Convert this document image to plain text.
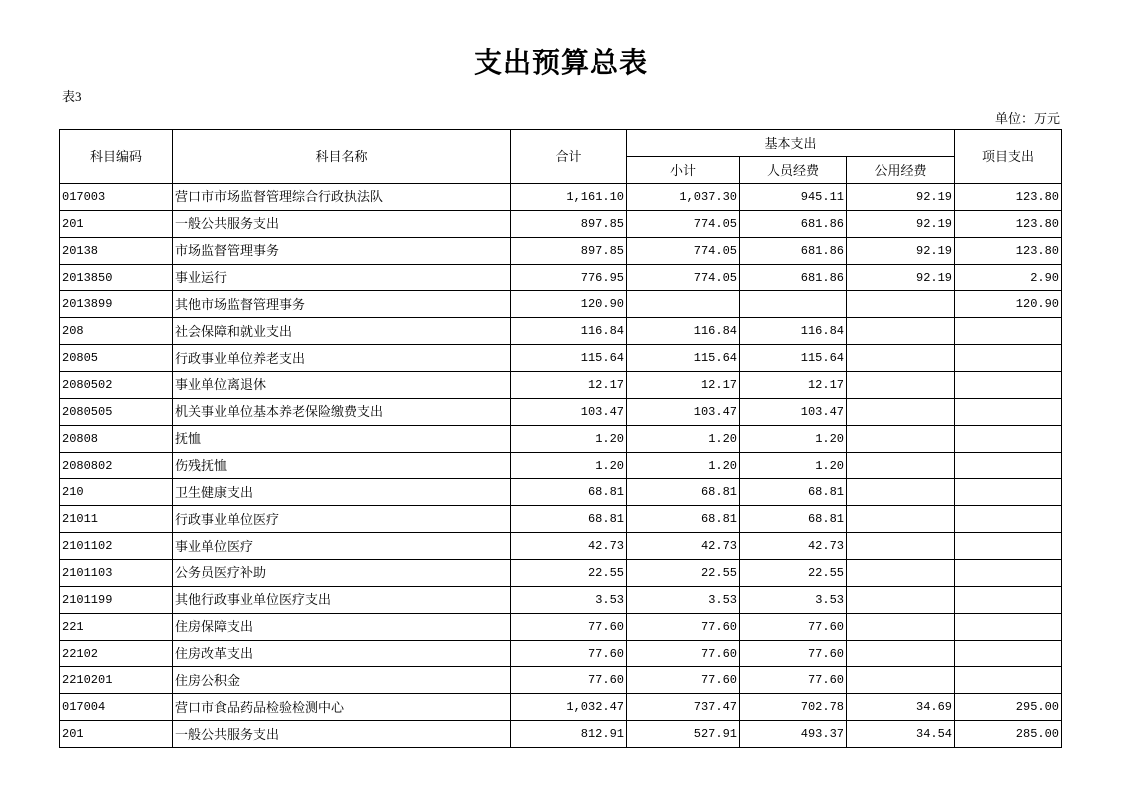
支出预算总表
表3
单位：万元
科目编码	科目名称	合计	基本支出			项目支出
			小计	人员经费	公用经费	
017003	营口市市场监督管理综合行政执法队	1,161.10	1,037.30	945.11	92.19	123.80
201	一般公共服务支出	897.85	774.05	681.86	92.19	123.80
20138	市场监督管理事务	897.85	774.05	681.86	92.19	123.80
2013850	事业运行	776.95	774.05	681.86	92.19	2.90
2013899	其他市场监督管理事务	120.90				120.90
208	社会保障和就业支出	116.84	116.84	116.84		
20805	行政事业单位养老支出	115.64	115.64	115.64		
2080502	事业单位离退休	12.17	12.17	12.17		
2080505	机关事业单位基本养老保险缴费支出	103.47	103.47	103.47		
20808	抚恤	1.20	1.20	1.20		
2080802	伤残抚恤	1.20	1.20	1.20		
210	卫生健康支出	68.81	68.81	68.81		
21011	行政事业单位医疗	68.81	68.81	68.81		
2101102	事业单位医疗	42.73	42.73	42.73		
2101103	公务员医疗补助	22.55	22.55	22.55		
2101199	其他行政事业单位医疗支出	3.53	3.53	3.53		
221	住房保障支出	77.60	77.60	77.60		
22102	住房改革支出	77.60	77.60	77.60		
2210201	住房公积金	77.60	77.60	77.60		
017004	营口市食品药品检验检测中心	1,032.47	737.47	702.78	34.69	295.00
201	一般公共服务支出	812.91	527.91	493.37	34.54	285.00
